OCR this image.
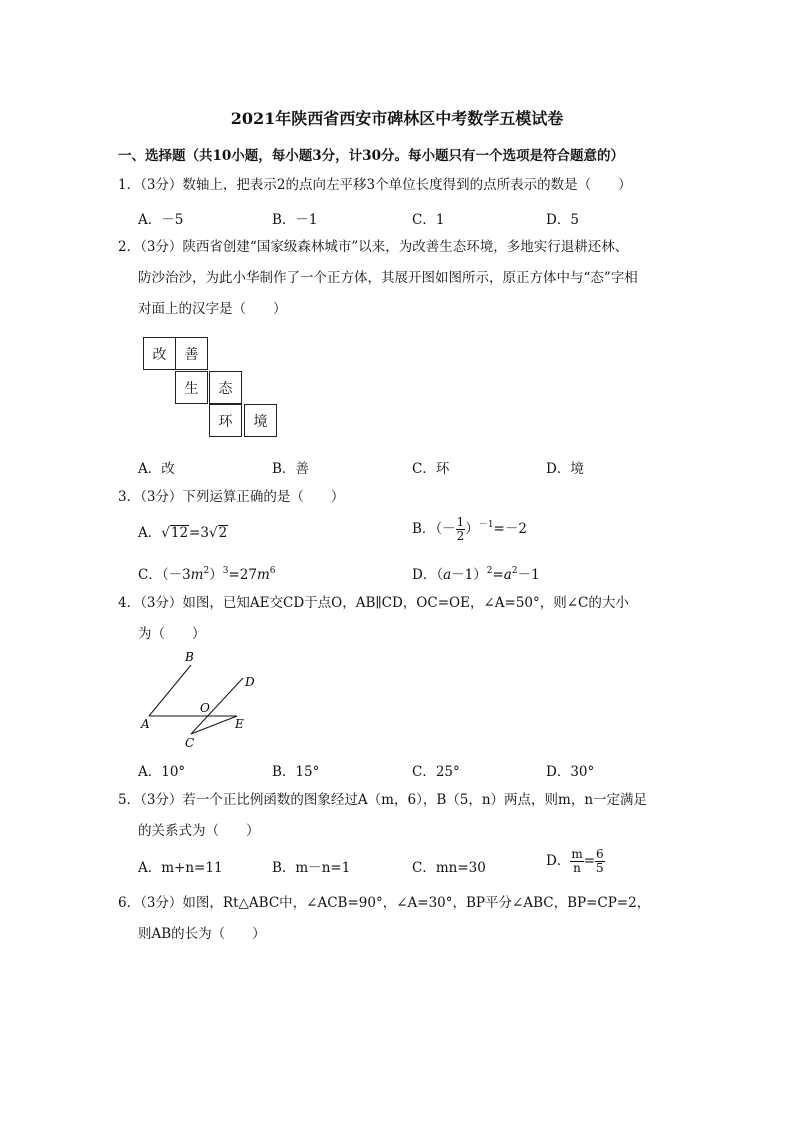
2021年陕西省西安市碑林区中考数学五模试卷
一、选择题（共10小题，每小题3分，计30分。每小题只有一个选项是符合题意的）
1．（3分）数轴上，把表示2的点向左平移3个单位长度得到的点所表示的数是（　　）
A．－5	B．－1	C．1	D．5
2．（3分）陕西省创建“国家级森林城市”以来，为改善生态环境，多地实行退耕还林、
防沙治沙，为此小华制作了一个正方体，其展开图如图所示，原正方体中与“态”字相
对面上的汉字是（　　）
改	善
生	态
环	境
A．改	B．善	C．环	D．境
3．（3分）下列运算正确的是（　　）
A．√12=3√2	B．（－ $\frac{1}{2} )^{-1}=-2$
C．$(-3m^2)^3=27m^6$	D．$(a-1)^2=a^2-1$
4．（3分）如图，已知AE交CD于点O，AB∥CD，OC=OE，∠A=50°，则∠C的大小
为（　　）
B
D
O
A	E
C
A．10°	B．15°	C．25°	D．30°
5．（3分）若一个正比例函数的图象经过A（m，6），B（5，n）两点，则m，n一定满足
的关系式为（　　）
A．m+n=11	B．m－n=1	C．mn=30	D． $\frac{m}{n} = \frac{6}{5}$
6．（3分）如图，Rt△ABC中，∠ACB=90°，∠A=30°，BP平分∠ABC，BP=CP=2，
则AB的长为（　　）
